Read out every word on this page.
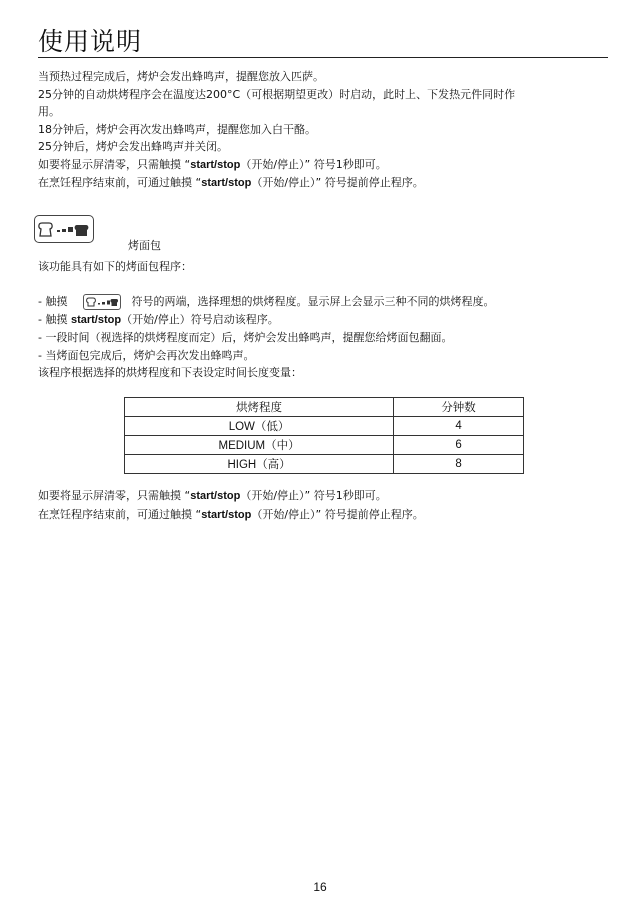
使用说明

当预热过程完成后，烤炉会发出蜂鸣声，提醒您放入匹萨。

25分钟的自动烘烤程序会在温度达200°C（可根据期望更改）时启动，此时上、下发热元件同时作

用。

18分钟后，烤炉会再次发出蜂鸣声，提醒您加入白干酪。

25分钟后，烤炉会发出蜂鸣声并关闭。

如要将显示屏清零，只需触摸 “start/stop（开始/停止）” 符号1秒即可。

在烹饪程序结束前，可通过触摸 “start/stop（开始/停止）” 符号提前停止程序。

烤面包

该功能具有如下的烤面包程序：

- 触摸	符号的两端，选择理想的烘烤程度。显示屏上会显示三种不同的烘烤程度。

- 触摸 start/stop（开始/停止）符号启动该程序。

- 一段时间（视选择的烘烤程度而定）后，烤炉会发出蜂鸣声，提醒您给烤面包翻面。

- 当烤面包完成后，烤炉会再次发出蜂鸣声。

该程序根据选择的烘烤程度和下表设定时间长度变量：

烘烤程度	分钟数
LOW（低）	4
MEDIUM（中）	6
HIGH（高）	8

如要将显示屏清零，只需触摸 “start/stop（开始/停止）” 符号1秒即可。

在烹饪程序结束前，可通过触摸 “start/stop（开始/停止）” 符号提前停止程序。

16
